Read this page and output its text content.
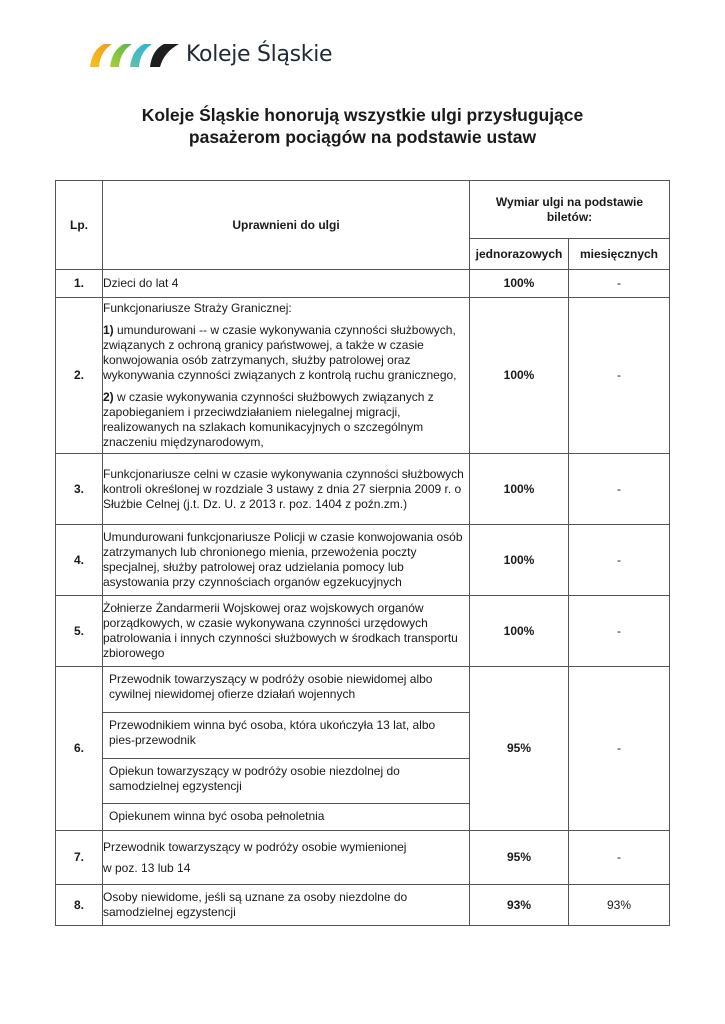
Koleje Śląskie
Koleje Śląskie honorują wszystkie ulgi przysługujące
pasażerom pociągów na podstawie ustaw
Lp.	Uprawnieni do ulgi	Wymiar ulgi na podstawie biletów:	
		jednorazowych	miesięcznych
1.	Dzieci do lat 4	100%	-
2.	Funkcjonariusze Straży Granicznej:

1) umundurowani -- w czasie wykonywania czynności służbowych, związanych z ochroną granicy państwowej, a także w czasie konwojowania osób zatrzymanych, służby patrolowej oraz wykonywania czynności związanych z kontrolą ruchu granicznego,

2) w czasie wykonywania czynności służbowych związanych z zapobieganiem i przeciwdziałaniem nielegalnej migracji, realizowanych na szlakach komunikacyjnych o szczególnym znaczeniu międzynarodowym,	100%	-
3.	Funkcjonariusze celni w czasie wykonywania czynności służbowych kontroli określonej w rozdziale 3 ustawy z dnia 27 sierpnia 2009 r. o Służbie Celnej (j.t. Dz. U. z 2013 r. poz. 1404 z poźn.zm.)	100%	-
4.	Umundurowani funkcjonariusze Policji w czasie konwojowania osób zatrzymanych lub chronionego mienia, przewożenia poczty specjalnej, służby patrolowej oraz udzielania pomocy lub asystowania przy czynnościach organów egzekucyjnych	100%	-
5.	Żołnierze Żandarmerii Wojskowej oraz wojskowych organów porządkowych, w czasie wykonywana czynności urzędowych patrolowania i innych czynności służbowych w środkach transportu zbiorowego	100%	-
6.	Przewodnik towarzyszący w podróży osobie niewidomej albo cywilnej niewidomej ofierze działań wojennych
Przewodnikiem winna być osoba, która ukończyła 13 lat, albo pies-przewodnik
Opiekun towarzyszący w podróży osobie niezdolnej do samodzielnej egzystencji
Opiekunem winna być osoba pełnoletnia	95%	-
7.	Przewodnik towarzyszący w podróży osobie wymienionej
w poz. 13 lub 14	95%	-
8.	Osoby niewidome, jeśli są uznane za osoby niezdolne do samodzielnej egzystencji	93%	93%
